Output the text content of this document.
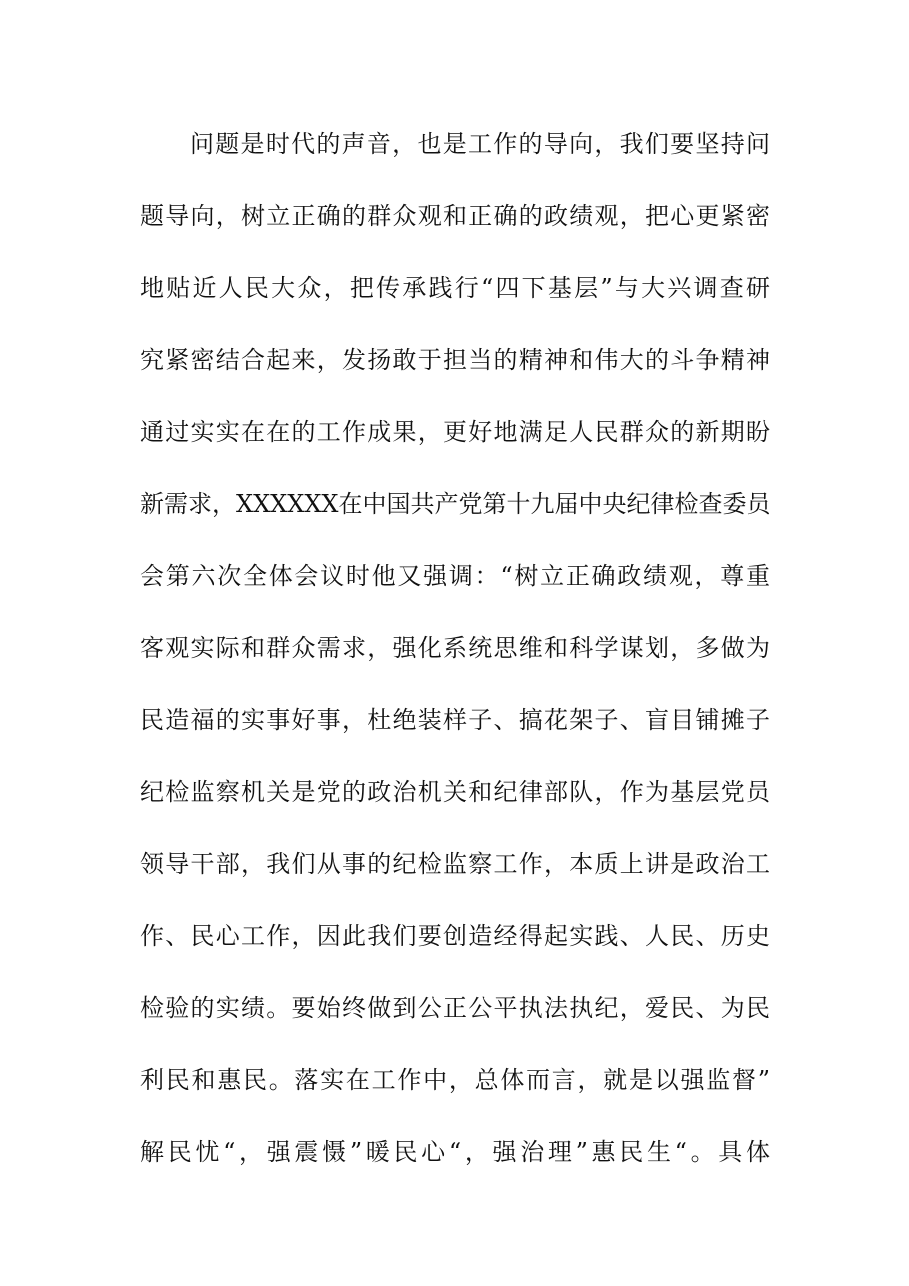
问题是时代的声音，也是工作的导向，我们要坚持问
题导向，树立正确的群众观和正确的政绩观，把心更紧密
地贴近人民大众，把传承践行“四下基层”与大兴调查研
究紧密结合起来，发扬敢于担当的精神和伟大的斗争精神
通过实实在在的工作成果，更好地满足人民群众的新期盼
新需求，XXXXXX在中国共产党第十九届中央纪律检查委员
会第六次全体会议时他又强调：“树立正确政绩观，尊重
客观实际和群众需求，强化系统思维和科学谋划，多做为
民造福的实事好事，杜绝装样子、搞花架子、盲目铺摊子
纪检监察机关是党的政治机关和纪律部队，作为基层党员
领导干部，我们从事的纪检监察工作，本质上讲是政治工
作、民心工作，因此我们要创造经得起实践、人民、历史
检验的实绩。要始终做到公正公平执法执纪，爱民、为民
利民和惠民。落实在工作中，总体而言，就是以强监督”
解民忧“，强震慑”暖民心“，强治理”惠民生“。具体
